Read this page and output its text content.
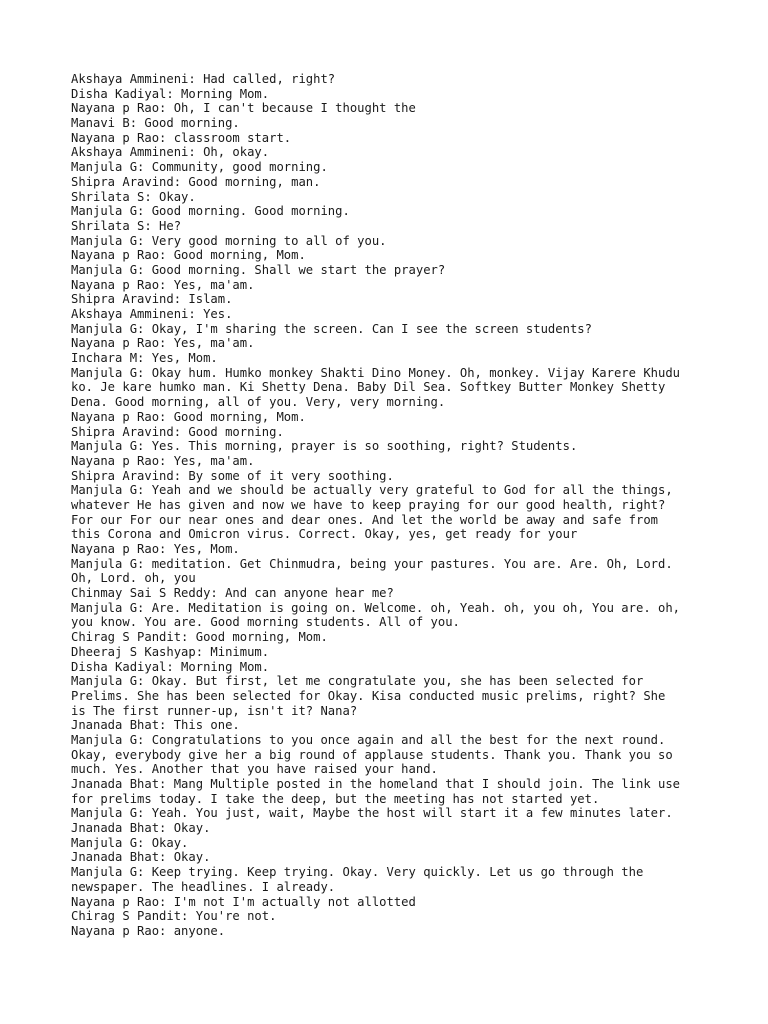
Akshaya Ammineni: Had called, right?
Disha Kadiyal: Morning Mom.
Nayana p Rao: Oh, I can't because I thought the
Manavi B: Good morning.
Nayana p Rao: classroom start.
Akshaya Ammineni: Oh, okay.
Manjula G: Community, good morning.
Shipra Aravind: Good morning, man.
Shrilata S: Okay.
Manjula G: Good morning. Good morning.
Shrilata S: He?
Manjula G: Very good morning to all of you.
Nayana p Rao: Good morning, Mom.
Manjula G: Good morning. Shall we start the prayer?
Nayana p Rao: Yes, ma'am.
Shipra Aravind: Islam.
Akshaya Ammineni: Yes.
Manjula G: Okay, I'm sharing the screen. Can I see the screen students?
Nayana p Rao: Yes, ma'am.
Inchara M: Yes, Mom.
Manjula G: Okay hum. Humko monkey Shakti Dino Money. Oh, monkey. Vijay Karere Khudu
ko. Je kare humko man. Ki Shetty Dena. Baby Dil Sea. Softkey Butter Monkey Shetty
Dena. Good morning, all of you. Very, very morning.
Nayana p Rao: Good morning, Mom.
Shipra Aravind: Good morning.
Manjula G: Yes. This morning, prayer is so soothing, right? Students.
Nayana p Rao: Yes, ma'am.
Shipra Aravind: By some of it very soothing.
Manjula G: Yeah and we should be actually very grateful to God for all the things,
whatever He has given and now we have to keep praying for our good health, right?
For our For our near ones and dear ones. And let the world be away and safe from
this Corona and Omicron virus. Correct. Okay, yes, get ready for your
Nayana p Rao: Yes, Mom.
Manjula G: meditation. Get Chinmudra, being your pastures. You are. Are. Oh, Lord.
Oh, Lord. oh, you
Chinmay Sai S Reddy: And can anyone hear me?
Manjula G: Are. Meditation is going on. Welcome. oh, Yeah. oh, you oh, You are. oh,
you know. You are. Good morning students. All of you.
Chirag S Pandit: Good morning, Mom.
Dheeraj S Kashyap: Minimum.
Disha Kadiyal: Morning Mom.
Manjula G: Okay. But first, let me congratulate you, she has been selected for
Prelims. She has been selected for Okay. Kisa conducted music prelims, right? She
is The first runner-up, isn't it? Nana?
Jnanada Bhat: This one.
Manjula G: Congratulations to you once again and all the best for the next round.
Okay, everybody give her a big round of applause students. Thank you. Thank you so
much. Yes. Another that you have raised your hand.
Jnanada Bhat: Mang Multiple posted in the homeland that I should join. The link use
for prelims today. I take the deep, but the meeting has not started yet.
Manjula G: Yeah. You just, wait, Maybe the host will start it a few minutes later.
Jnanada Bhat: Okay.
Manjula G: Okay.
Jnanada Bhat: Okay.
Manjula G: Keep trying. Keep trying. Okay. Very quickly. Let us go through the
newspaper. The headlines. I already.
Nayana p Rao: I'm not I'm actually not allotted
Chirag S Pandit: You're not.
Nayana p Rao: anyone.
